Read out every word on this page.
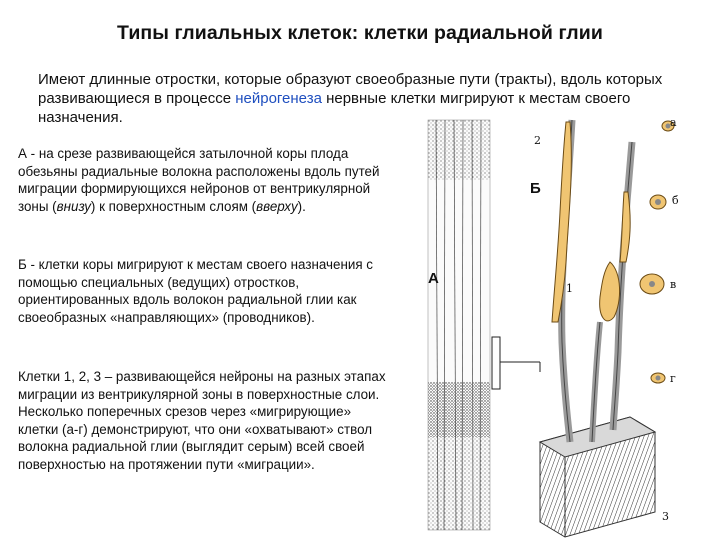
Типы глиальных клеток: клетки радиальной глии
Имеют длинные отростки, которые образуют своеобразные пути (тракты), вдоль которых развивающиеся в процессе нейрогенеза нервные клетки мигрируют к местам своего назначения.
А - на срезе развивающейся затылочной коры плода обезьяны радиальные волокна расположены вдоль путей миграции формирующихся нейронов от вентрикулярной зоны (внизу) к поверхностным слоям (вверху).
Б - клетки коры мигрируют к местам своего назначения с помощью специальных (ведущих) отростков, ориентированных вдоль волокон радиальной глии как своеобразных «направляющих» (проводников).
Клетки 1, 2, 3 – развивающейся нейроны на разных этапах миграции из вентрикулярной зоны в поверхностные слои. Несколько поперечных срезов через «мигрирующие» клетки (а-г) демонстрируют, что они «охватывают» ствол волокна радиальной глии (выглядит серым) всей своей поверхностью на протяжении пути «миграции».
А
Б
а
б
в
г
1
2
3
